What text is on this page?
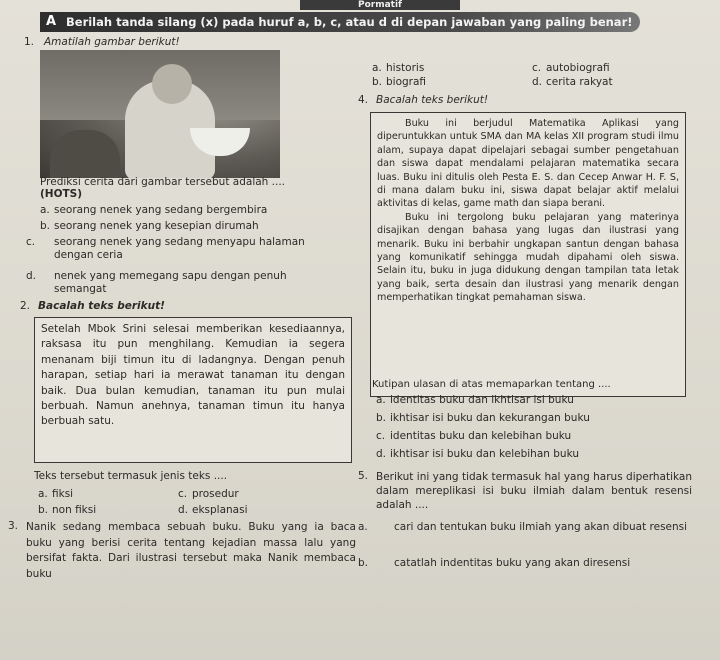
Pormatif
A Berilah tanda silang (x) pada huruf a, b, c, atau d di depan jawaban yang paling benar!
1. Amatilah gambar berikut!
Prediksi cerita dari gambar tersebut adalah ....
(HOTS)
a. seorang nenek yang sedang bergembira
b. seorang nenek yang kesepian dirumah
c. seorang nenek yang sedang menyapu halaman dengan ceria
d. nenek yang memegang sapu dengan penuh semangat
2. Bacalah teks berikut!
Setelah Mbok Srini selesai memberikan kesediaannya, raksasa itu pun menghilang. Kemudian ia segera menanam biji timun itu di ladangnya. Dengan penuh harapan, setiap hari ia merawat tanaman itu dengan baik. Dua bulan kemudian, tanaman itu pun mulai berbuah. Namun anehnya, tanaman timun itu hanya berbuah satu.
Teks tersebut termasuk jenis teks ....
a. fiksi
b. non fiksi
c. prosedur
d. eksplanasi
3. Nanik sedang membaca sebuah buku. Buku yang ia baca buku yang berisi cerita tentang kejadian massa lalu yang bersifat fakta. Dari ilustrasi tersebut maka Nanik membaca buku
a. historis
b. biografi
c. autobiografi
d. cerita rakyat
4. Bacalah teks berikut!

Buku ini berjudul Matematika Aplikasi yang diperuntukkan untuk SMA dan MA kelas XII program studi ilmu alam, supaya dapat dipelajari sebagai sumber pengetahuan dan siswa dapat mendalami pelajaran matematika secara luas. Buku ini ditulis oleh Pesta E. S. dan Cecep Anwar H. F. S, di mana dalam buku ini, siswa dapat belajar aktif melalui aktivitas di kelas, game math dan siapa berani.

Buku ini tergolong buku pelajaran yang materinya disajikan dengan bahasa yang lugas dan ilustrasi yang menarik. Buku ini berbahir ungkapan santun dengan bahasa yang komunikatif sehingga mudah dipahami oleh siswa. Selain itu, buku in juga didukung dengan tampilan tata letak yang baik, serta desain dan ilustrasi yang menarik dengan memperhatikan tingkat pemahaman siswa.

Kutipan ulasan di atas memaparkan tentang ....
a. identitas buku dan ikhtisar isi buku
b. ikhtisar isi buku dan kekurangan buku
c. identitas buku dan kelebihan buku
d. ikhtisar isi buku dan kelebihan buku
5. Berikut ini yang tidak termasuk hal yang harus diperhatikan dalam mereplikasi isi buku ilmiah dalam bentuk resensi adalah ....
a. cari dan tentukan buku ilmiah yang akan dibuat resensi
b. catatlah indentitas buku yang akan diresensi
